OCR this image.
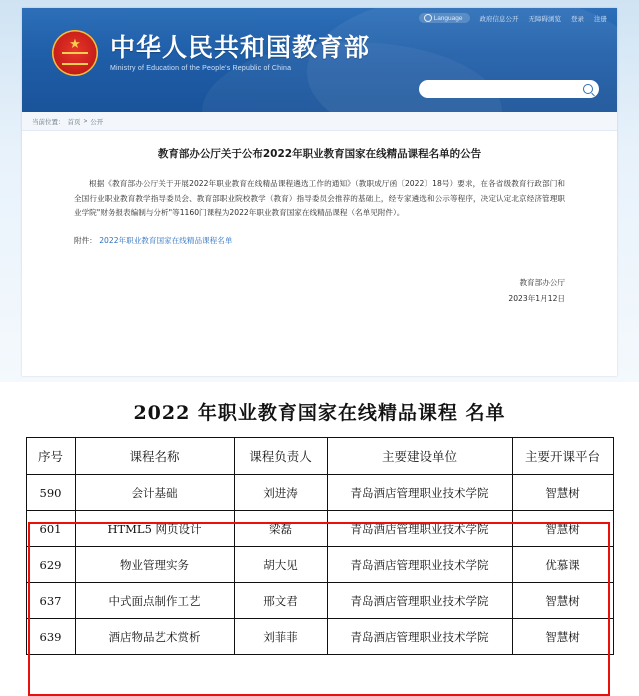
Language	政府信息公开 无障碍浏览 登录 注册
★
中华人民共和国教育部
Ministry of Education of the People's Republic of China
当前位置： 首页 > 公开
教育部办公厅关于公布2022年职业教育国家在线精品课程名单的公告
根据《教育部办公厅关于开展2022年职业教育在线精品课程遴选工作的通知》（教职成厅函〔2022〕18号）要求，在各省级教育行政部门和全国行业职业教育教学指导委员会、教育部职业院校教学（教育）指导委员会推荐的基础上，经专家遴选和公示等程序，决定认定北京经济管理职业学院"财务报表编制与分析"等1160门课程为2022年职业教育国家在线精品课程（名单见附件）。
附件： 2022年职业教育国家在线精品课程名单
教育部办公厅
2023年1月12日
2022 年职业教育国家在线精品课程 名单
序号	课程名称	课程负责人	主要建设单位	主要开课平台
590	会计基础	刘进涛	青岛酒店管理职业技术学院	智慧树
601	HTML5 网页设计	梁磊	青岛酒店管理职业技术学院	智慧树
629	物业管理实务	胡大见	青岛酒店管理职业技术学院	优慕课
637	中式面点制作工艺	邢文君	青岛酒店管理职业技术学院	智慧树
639	酒店物品艺术赏析	刘菲菲	青岛酒店管理职业技术学院	智慧树
